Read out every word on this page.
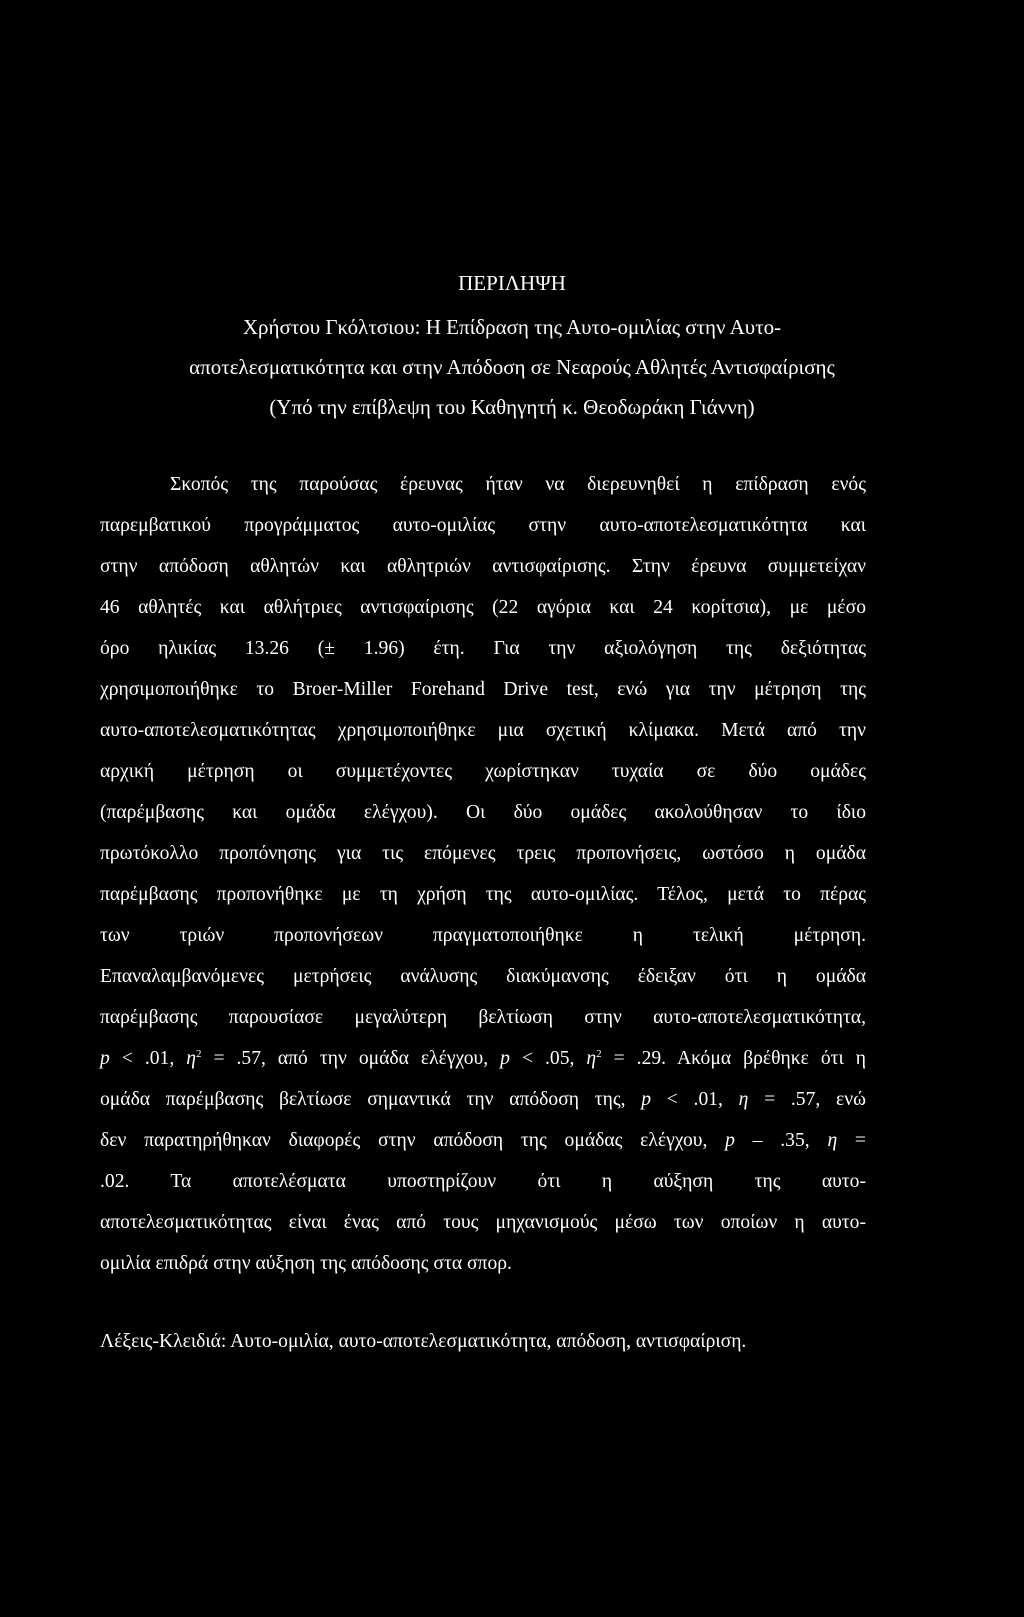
ΠΕΡΙΛΗΨΗ
Χρήστου Γκόλτσιου: Η Επίδραση της Αυτο-ομιλίας στην Αυτο-
αποτελεσματικότητα και στην Απόδοση σε Νεαρούς Αθλητές Αντισφαίρισης
(Υπό την επίβλεψη του Καθηγητή κ. Θεοδωράκη Γιάννη)
Σκοπός της παρούσας έρευνας ήταν να διερευνηθεί η επίδραση ενός
παρεμβατικού προγράμματος αυτο-ομιλίας στην αυτο-αποτελεσματικότητα και
στην απόδοση αθλητών και αθλητριών αντισφαίρισης. Στην έρευνα συμμετείχαν
46 αθλητές και αθλήτριες αντισφαίρισης (22 αγόρια και 24 κορίτσια), με μέσο
όρο ηλικίας 13.26 (± 1.96) έτη. Για την αξιολόγηση της δεξιότητας
χρησιμοποιήθηκε το Broer-Miller Forehand Drive test, ενώ για την μέτρηση της
αυτο-αποτελεσματικότητας χρησιμοποιήθηκε μια σχετική κλίμακα. Μετά από την
αρχική μέτρηση οι συμμετέχοντες χωρίστηκαν τυχαία σε δύο ομάδες
(παρέμβασης και ομάδα ελέγχου). Οι δύο ομάδες ακολούθησαν το ίδιο
πρωτόκολλο προπόνησης για τις επόμενες τρεις προπονήσεις, ωστόσο η ομάδα
παρέμβασης προπονήθηκε με τη χρήση της αυτο-ομιλίας. Τέλος, μετά το πέρας
των τριών προπονήσεων πραγματοποιήθηκε η τελική μέτρηση.
Επαναλαμβανόμενες μετρήσεις ανάλυσης διακύμανσης έδειξαν ότι η ομάδα
παρέμβασης παρουσίασε μεγαλύτερη βελτίωση στην αυτο-αποτελεσματικότητα,
p < .01, $\eta^2 = .57$, από την ομάδα ελέγχου, p < .05, $\eta^2 = .29$. Ακόμα βρέθηκε ότι η
ομάδα παρέμβασης βελτίωσε σημαντικά την απόδοση της, p < .01, η = .57, ενώ
δεν παρατηρήθηκαν διαφορές στην απόδοση της ομάδας ελέγχου, p – .35, η =
.02. Τα αποτελέσματα υποστηρίζουν ότι η αύξηση της αυτο-
αποτελεσματικότητας είναι ένας από τους μηχανισμούς μέσω των οποίων η αυτο-
ομιλία επιδρά στην αύξηση της απόδοσης στα σπορ.
Λέξεις-Κλειδιά: Αυτο-ομιλία, αυτο-αποτελεσματικότητα, απόδοση, αντισφαίριση.
